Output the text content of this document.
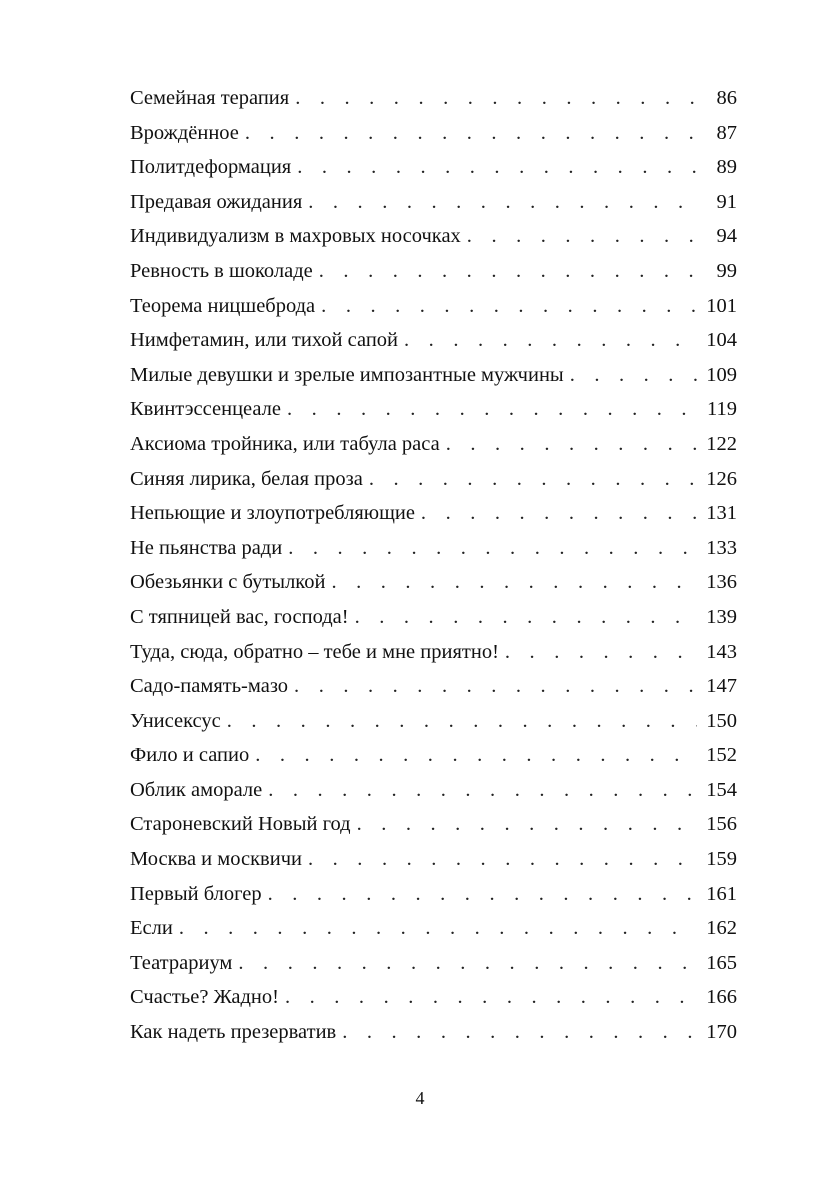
Семейная терапия . . .	86
Врождённое . . .	87
Политдеформация . . .	89
Предавая ожидания . . .	91
Индивидуализм в махровых носочках . . .	94
Ревность в шоколаде . . .	99
Теорема ницшеброда . . .	101
Нимфетамин, или тихой сапой . . .	104
Милые девушки и зрелые импозантные мужчины . . .	109
Квинтэссенцеале . . .	119
Аксиома тройника, или табула раса . . .	122
Синяя лирика, белая проза . . .	126
Непьющие и злоупотребляющие . . .	131
Не пьянства ради . . .	133
Обезьянки с бутылкой . . .	136
С тяпницей вас, господа! . . .	139
Туда, сюда, обратно – тебе и мне приятно! . . .	143
Садо-память-мазо . . .	147
Унисексус . . .	150
Фило и сапио . . .	152
Облик аморале . . .	154
Староневский Новый год . . .	156
Москва и москвичи . . .	159
Первый блогер . . .	161
Если . . .	162
Театрариум . . .	165
Счастье? Жадно! . . .	166
Как надеть презерватив . . .	170
4
